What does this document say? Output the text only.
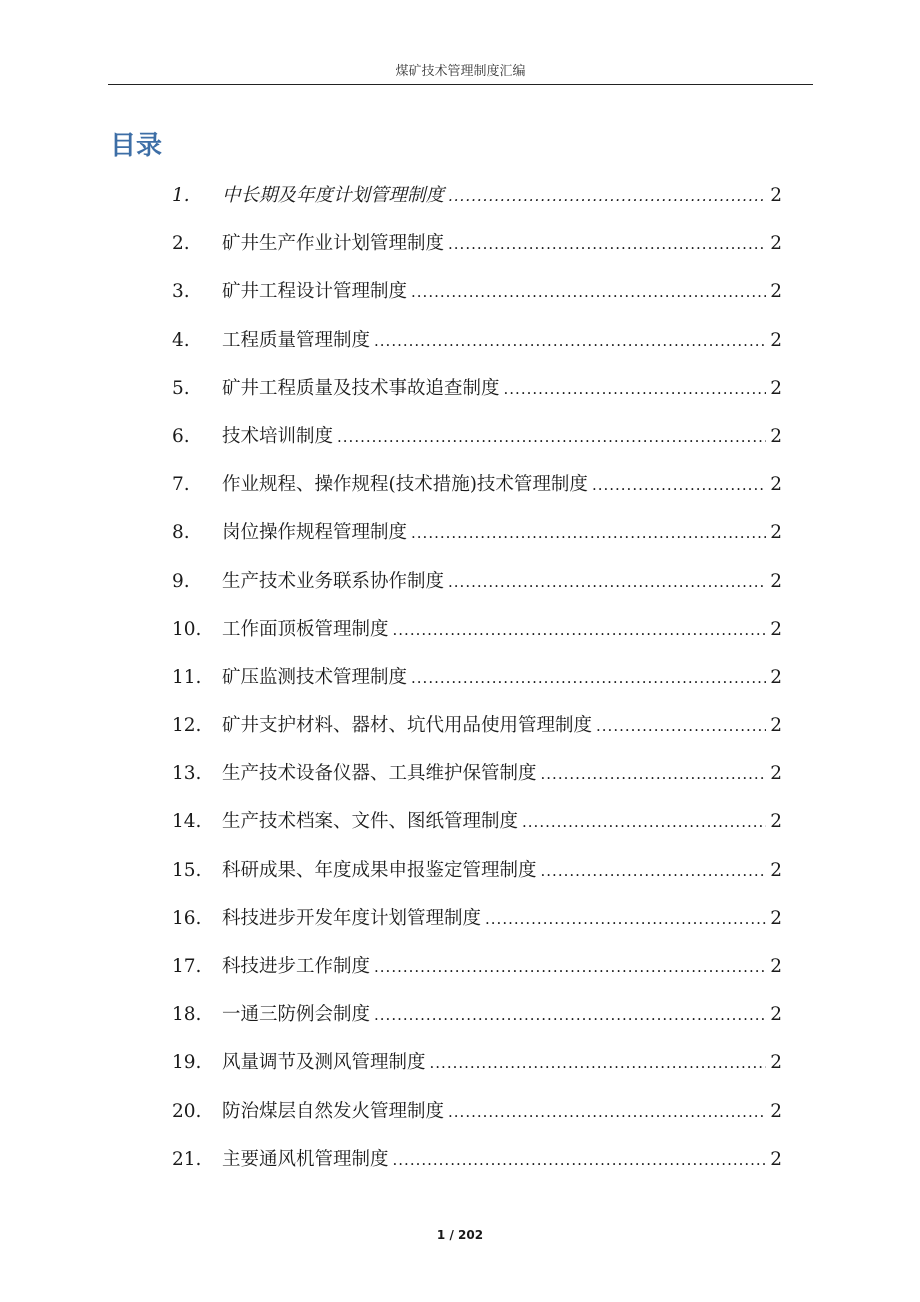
煤矿技术管理制度汇编
目录
1.	中长期及年度计划管理制度 .....	2
2.	矿井生产作业计划管理制度 .....	2
3.	矿井工程设计管理制度 .....	2
4.	工程质量管理制度 .....	2
5.	矿井工程质量及技术事故追查制度 .....	2
6.	技术培训制度 .....	2
7.	作业规程、操作规程(技术措施)技术管理制度 .....	2
8.	岗位操作规程管理制度 .....	2
9.	生产技术业务联系协作制度 .....	2
10.	工作面顶板管理制度 .....	2
11.	矿压监测技术管理制度 .....	2
12.	矿井支护材料、器材、坑代用品使用管理制度 .....	2
13.	生产技术设备仪器、工具维护保管制度 .....	2
14.	生产技术档案、文件、图纸管理制度 .....	2
15.	科研成果、年度成果申报鉴定管理制度 .....	2
16.	科技进步开发年度计划管理制度 .....	2
17.	科技进步工作制度 .....	2
18.	一通三防例会制度 .....	2
19.	风量调节及测风管理制度 .....	2
20.	防治煤层自然发火管理制度 .....	2
21.	主要通风机管理制度 .....	2
1 / 202
